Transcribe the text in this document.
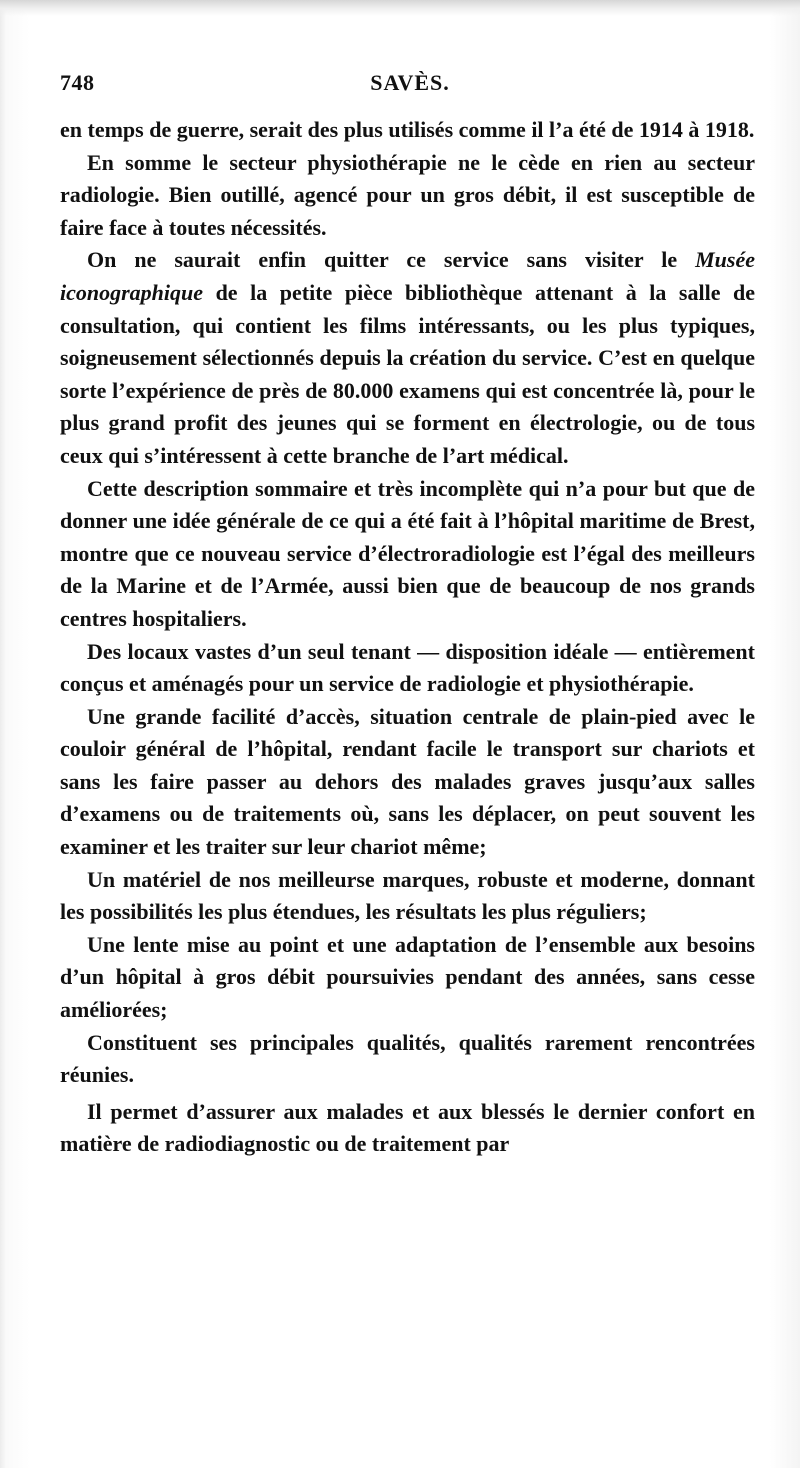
748	SAVÈS.

en temps de guerre, serait des plus utilisés comme il l’a été de 1914 à 1918.

En somme le secteur physiothérapie ne le cède en rien au secteur radiologie. Bien outillé, agencé pour un gros débit, il est susceptible de faire face à toutes nécessités.

On ne saurait enfin quitter ce service sans visiter le Musée iconographique de la petite pièce bibliothèque attenant à la salle de consultation, qui contient les films intéressants, ou les plus typiques, soigneusement sélectionnés depuis la création du service. C’est en quelque sorte l’expérience de près de 80.000 examens qui est concentrée là, pour le plus grand profit des jeunes qui se forment en électrologie, ou de tous ceux qui s’intéressent à cette branche de l’art médical.

Cette description sommaire et très incomplète qui n’a pour but que de donner une idée générale de ce qui a été fait à l’hôpital maritime de Brest, montre que ce nouveau service d’électroradiologie est l’égal des meilleurs de la Marine et de l’Armée, aussi bien que de beaucoup de nos grands centres hospitaliers.

Des locaux vastes d’un seul tenant — disposition idéale — entièrement conçus et aménagés pour un service de radiologie et physiothérapie.

Une grande facilité d’accès, situation centrale de plain-pied avec le couloir général de l’hôpital, rendant facile le transport sur chariots et sans les faire passer au dehors des malades graves jusqu’aux salles d’examens ou de traitements où, sans les déplacer, on peut souvent les examiner et les traiter sur leur chariot même;

Un matériel de nos meilleurse marques, robuste et moderne, donnant les possibilités les plus étendues, les résultats les plus réguliers;

Une lente mise au point et une adaptation de l’ensemble aux besoins d’un hôpital à gros débit poursuivies pendant des années, sans cesse améliorées;

Constituent ses principales qualités, qualités rarement rencontrées réunies.

Il permet d’assurer aux malades et aux blessés le dernier confort en matière de radiodiagnostic ou de traitement par
